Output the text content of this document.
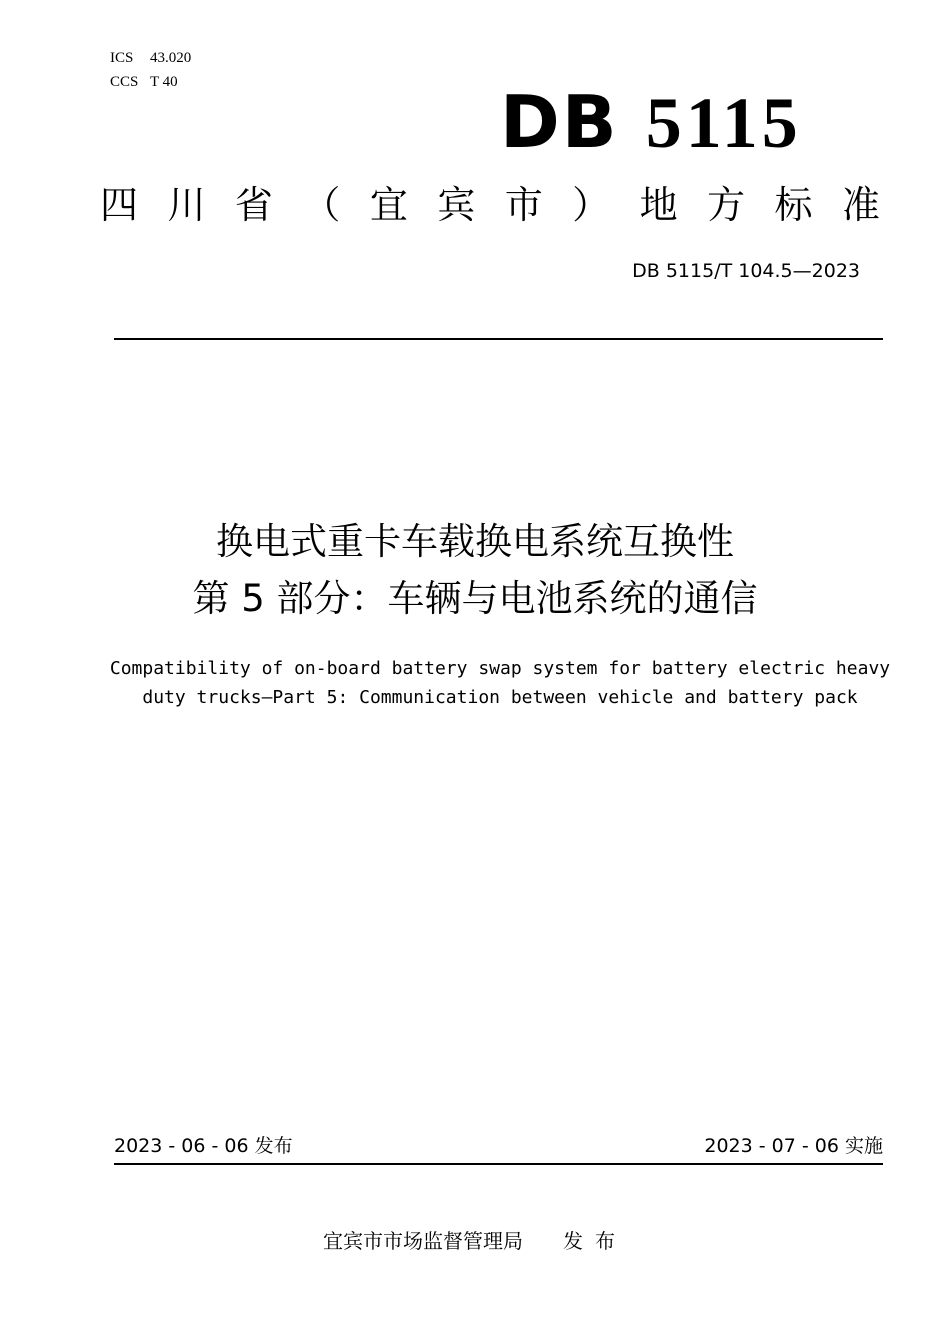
ICS 43.020
CCS T 40	DB 5115
四 川 省 （ 宜 宾 市 ） 地 方 标 准
DB 5115/T 104.5—2023
换电式重卡车载换电系统互换性
第 5 部分：车辆与电池系统的通信
Compatibility of on-board battery swap system for battery electric heavy
duty trucks—Part 5: Communication between vehicle and battery pack
2023 - 06 - 06 发布	2023 - 07 - 06 实施
宜宾市市场监督管理局 发布
